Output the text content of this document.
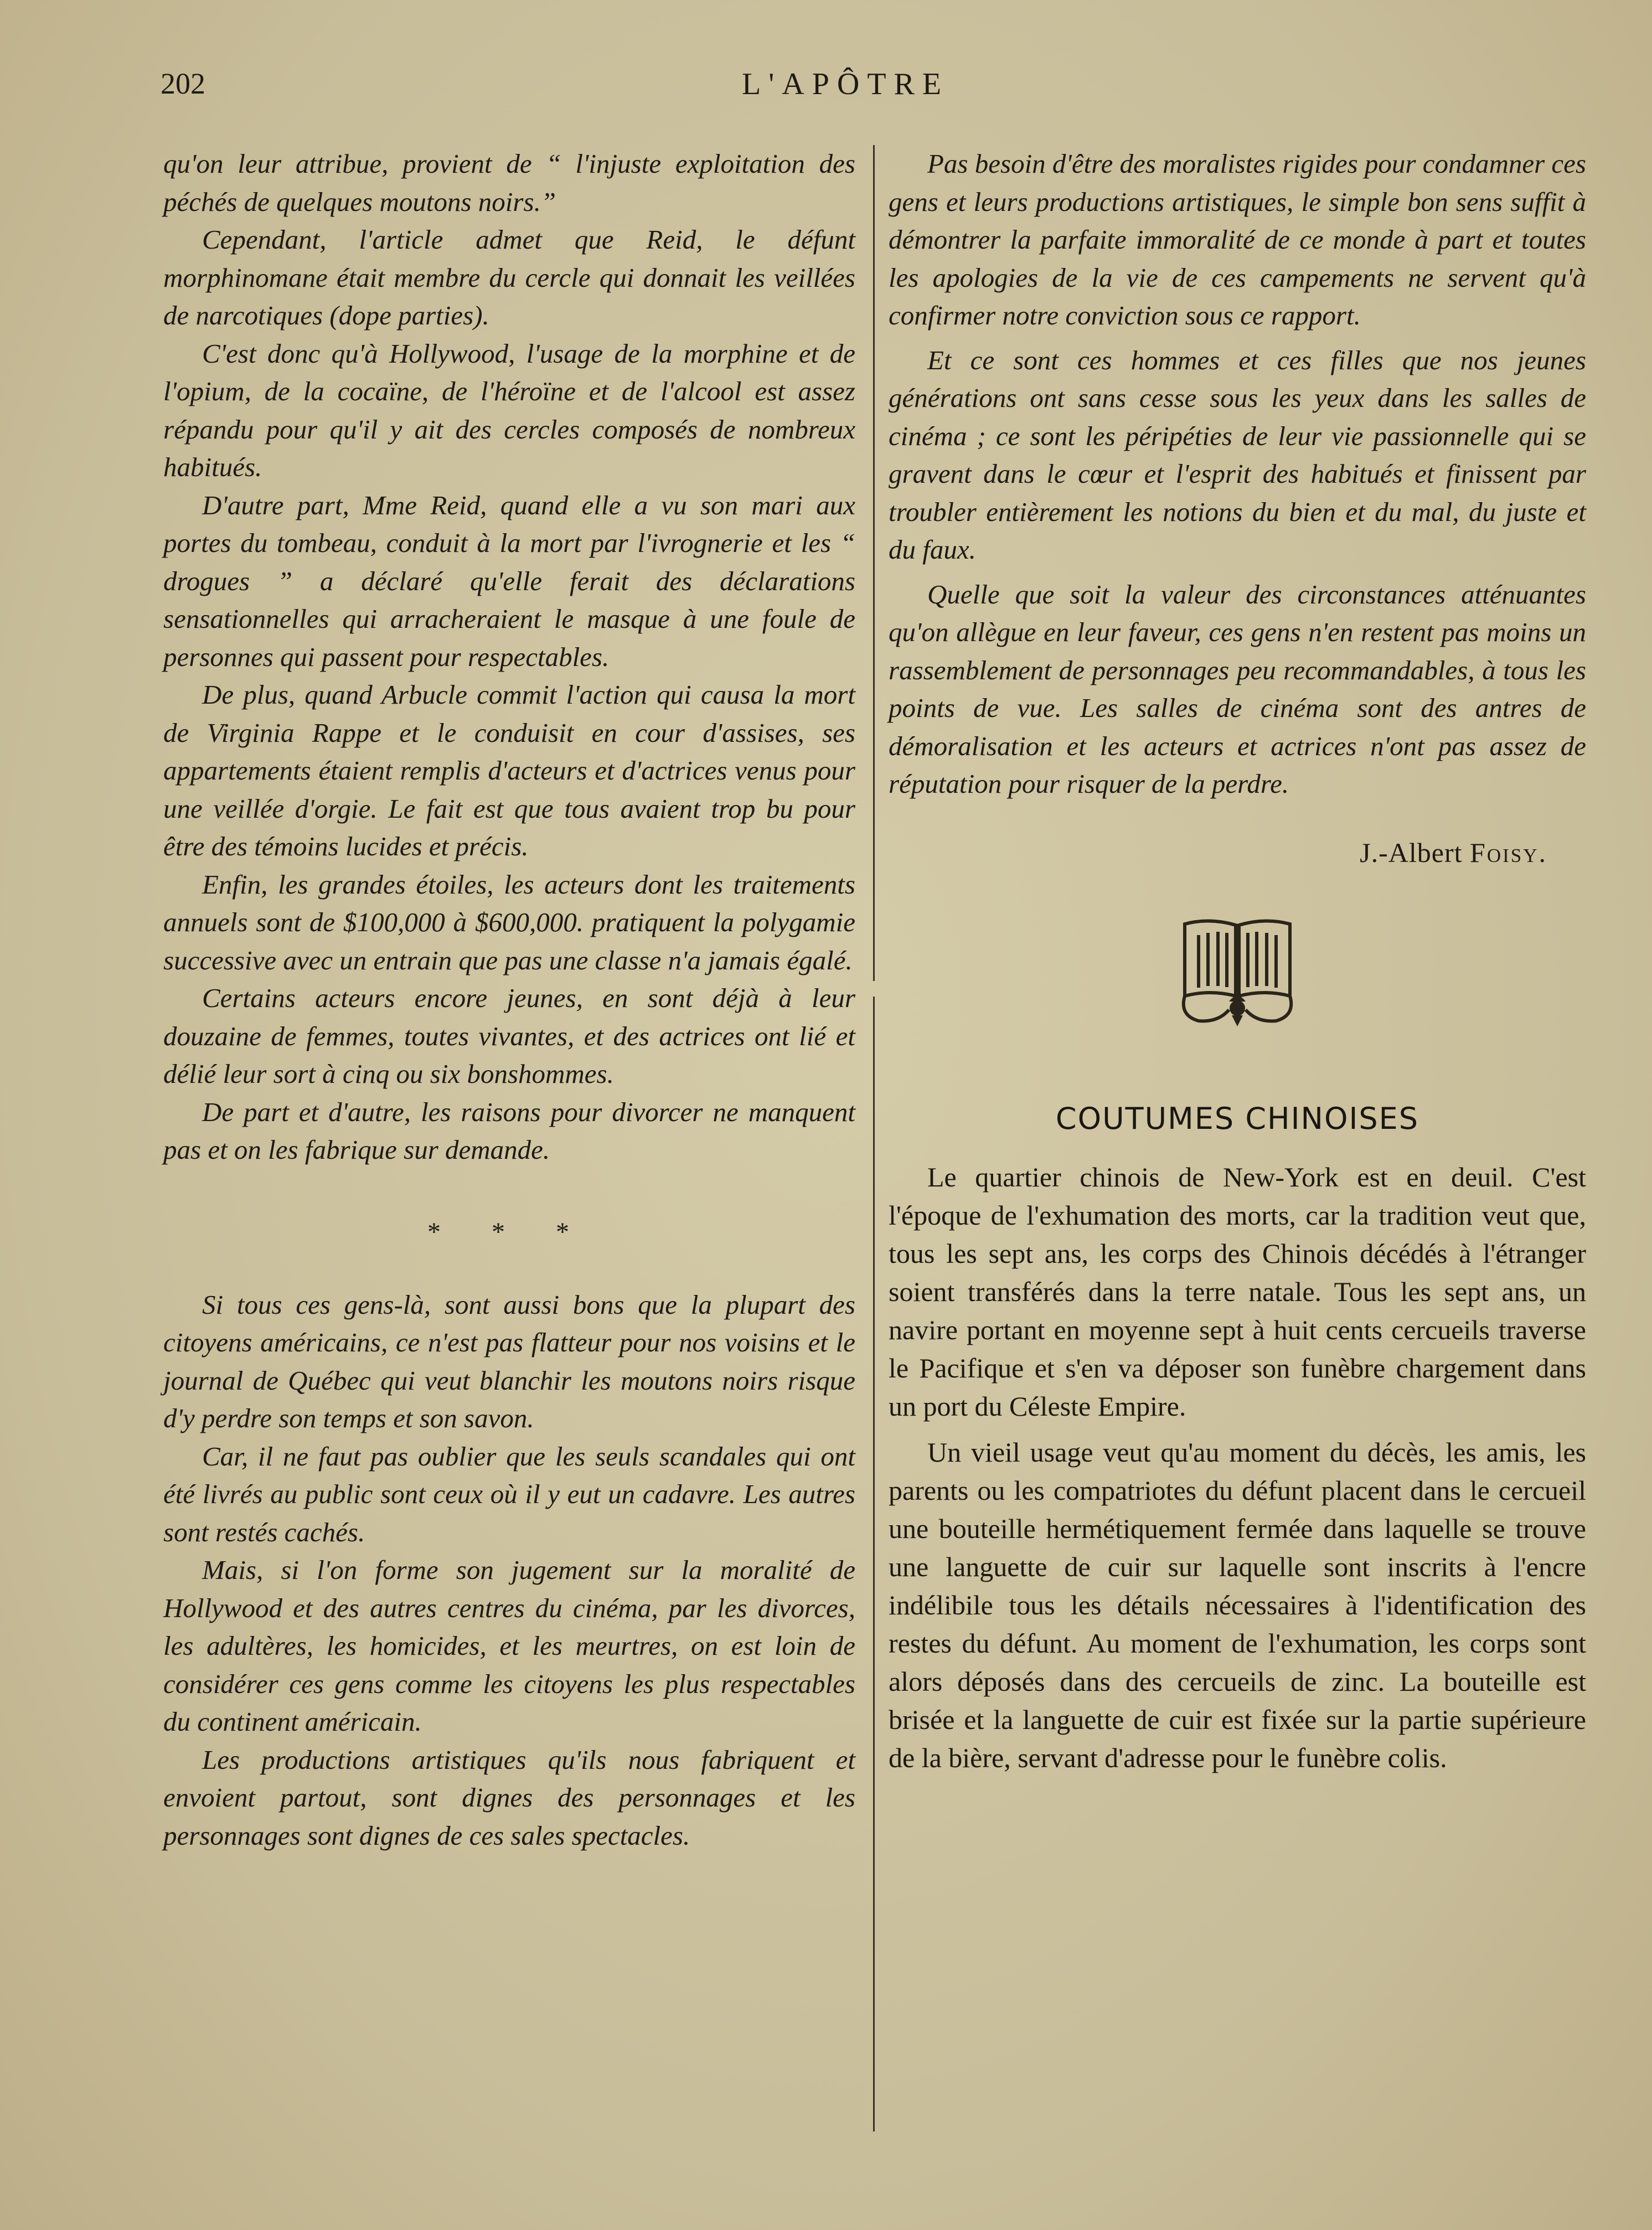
202	L'APÔTRE

qu'on leur attribue, provient de “ l'injuste exploitation des péchés de quelques moutons noirs.”

Cependant, l'article admet que Reid, le défunt morphinomane était membre du cercle qui donnait les veillées de narcotiques (dope parties).

C'est donc qu'à Hollywood, l'usage de la morphine et de l'opium, de la cocaïne, de l'héroïne et de l'alcool est assez répandu pour qu'il y ait des cercles composés de nombreux habitués.

D'autre part, Mme Reid, quand elle a vu son mari aux portes du tombeau, conduit à la mort par l'ivrognerie et les “ drogues ” a déclaré qu'elle ferait des déclarations sensationnelles qui arracheraient le masque à une foule de personnes qui passent pour respectables.

De plus, quand Arbucle commit l'action qui causa la mort de Virginia Rappe et le conduisit en cour d'assises, ses appartements étaient remplis d'acteurs et d'actrices venus pour une veillée d'orgie. Le fait est que tous avaient trop bu pour être des témoins lucides et précis.

Enfin, les grandes étoiles, les acteurs dont les traitements annuels sont de $100,000 à $600,000. pratiquent la polygamie successive avec un entrain que pas une classe n'a jamais égalé.

Certains acteurs encore jeunes, en sont déjà à leur douzaine de femmes, toutes vivantes, et des actrices ont lié et délié leur sort à cinq ou six bonshommes.

De part et d'autre, les raisons pour divorcer ne manquent pas et on les fabrique sur demande.

* * *

Si tous ces gens-là, sont aussi bons que la plupart des citoyens américains, ce n'est pas flatteur pour nos voisins et le journal de Québec qui veut blanchir les moutons noirs risque d'y perdre son temps et son savon.

Car, il ne faut pas oublier que les seuls scandales qui ont été livrés au public sont ceux où il y eut un cadavre. Les autres sont restés cachés.

Mais, si l'on forme son jugement sur la moralité de Hollywood et des autres centres du cinéma, par les divorces, les adultères, les homicides, et les meurtres, on est loin de considérer ces gens comme les citoyens les plus respectables du continent américain.

Les productions artistiques qu'ils nous fabriquent et envoient partout, sont dignes des personnages et les personnages sont dignes de ces sales spectacles.

Pas besoin d'être des moralistes rigides pour condamner ces gens et leurs productions artistiques, le simple bon sens suffit à démontrer la parfaite immoralité de ce monde à part et toutes les apologies de la vie de ces campements ne servent qu'à confirmer notre conviction sous ce rapport.

Et ce sont ces hommes et ces filles que nos jeunes générations ont sans cesse sous les yeux dans les salles de cinéma ; ce sont les péripéties de leur vie passionnelle qui se gravent dans le cœur et l'esprit des habitués et finissent par troubler entièrement les notions du bien et du mal, du juste et du faux.

Quelle que soit la valeur des circonstances atténuantes qu'on allègue en leur faveur, ces gens n'en restent pas moins un rassemblement de personnages peu recommandables, à tous les points de vue. Les salles de cinéma sont des antres de démoralisation et les acteurs et actrices n'ont pas assez de réputation pour risquer de la perdre.

J.-Albert Foisy.
COUTUMES CHINOISES

Le quartier chinois de New-York est en deuil. C'est l'époque de l'exhumation des morts, car la tradition veut que, tous les sept ans, les corps des Chinois décédés à l'étranger soient transférés dans la terre natale. Tous les sept ans, un navire portant en moyenne sept à huit cents cercueils traverse le Pacifique et s'en va déposer son funèbre chargement dans un port du Céleste Empire.

Un vieil usage veut qu'au moment du décès, les amis, les parents ou les compatriotes du défunt placent dans le cercueil une bouteille hermétiquement fermée dans laquelle se trouve une languette de cuir sur laquelle sont inscrits à l'encre indélibile tous les détails nécessaires à l'identification des restes du défunt. Au moment de l'exhumation, les corps sont alors déposés dans des cercueils de zinc. La bouteille est brisée et la languette de cuir est fixée sur la partie supérieure de la bière, servant d'adresse pour le funèbre colis.
